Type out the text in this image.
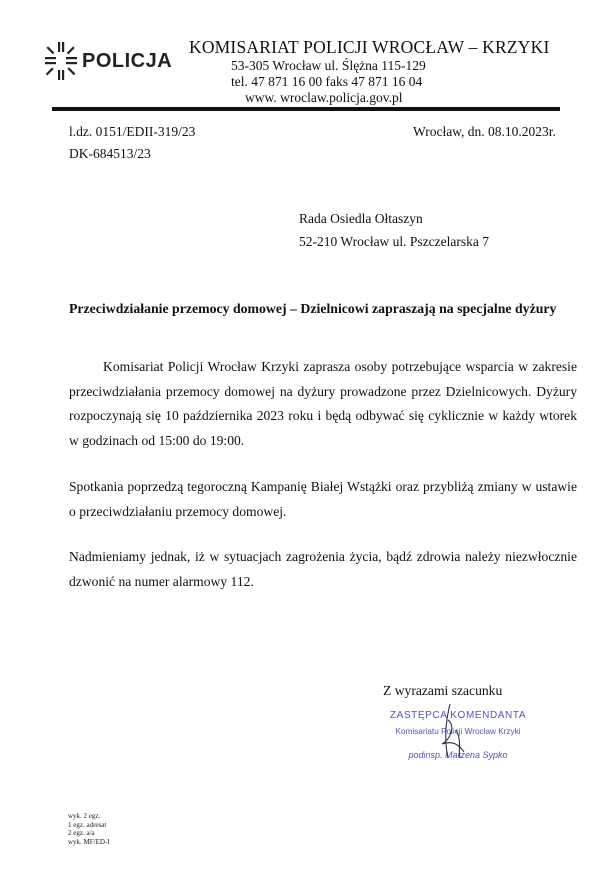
POLICJA
KOMISARIAT POLICJI WROCŁAW – KRZYKI
53-305 Wrocław ul. Ślężna 115-129
tel. 47 871 16 00 faks 47 871 16 04
www. wroclaw.policja.gov.pl
l.dz. 0151/EDII-319/23
DK-684513/23
Wrocław, dn. 08.10.2023r.
Rada Osiedla Ołtaszyn
52-210 Wrocław ul. Pszczelarska 7
Przeciwdziałanie przemocy domowej – Dzielnicowi zapraszają na specjalne dyżury

Komisariat Policji Wrocław Krzyki zaprasza osoby potrzebujące wsparcia w zakresie przeciwdziałania przemocy domowej na dyżury prowadzone przez Dzielnicowych. Dyżury rozpoczynają się 10 października 2023 roku i będą odbywać się cyklicznie w każdy wtorek w godzinach od 15:00 do 19:00.

Spotkania poprzedzą tegoroczną Kampanię Białej Wstążki oraz przybliżą zmiany w ustawie o przeciwdziałaniu przemocy domowej.

Nadmieniamy jednak, iż w sytuacjach zagrożenia życia, bądź zdrowia należy niezwłocznie dzwonić na numer alarmowy 112.

Z wyrazami szacunku
ZASTĘPCA KOMENDANTA
Komisariatu Policji Wrocław Krzyki
podinsp. Marzena Sypko
wyk. 2 egz.
1 egz. adresat
2 egz. a/a
wyk. MF/ED-I
